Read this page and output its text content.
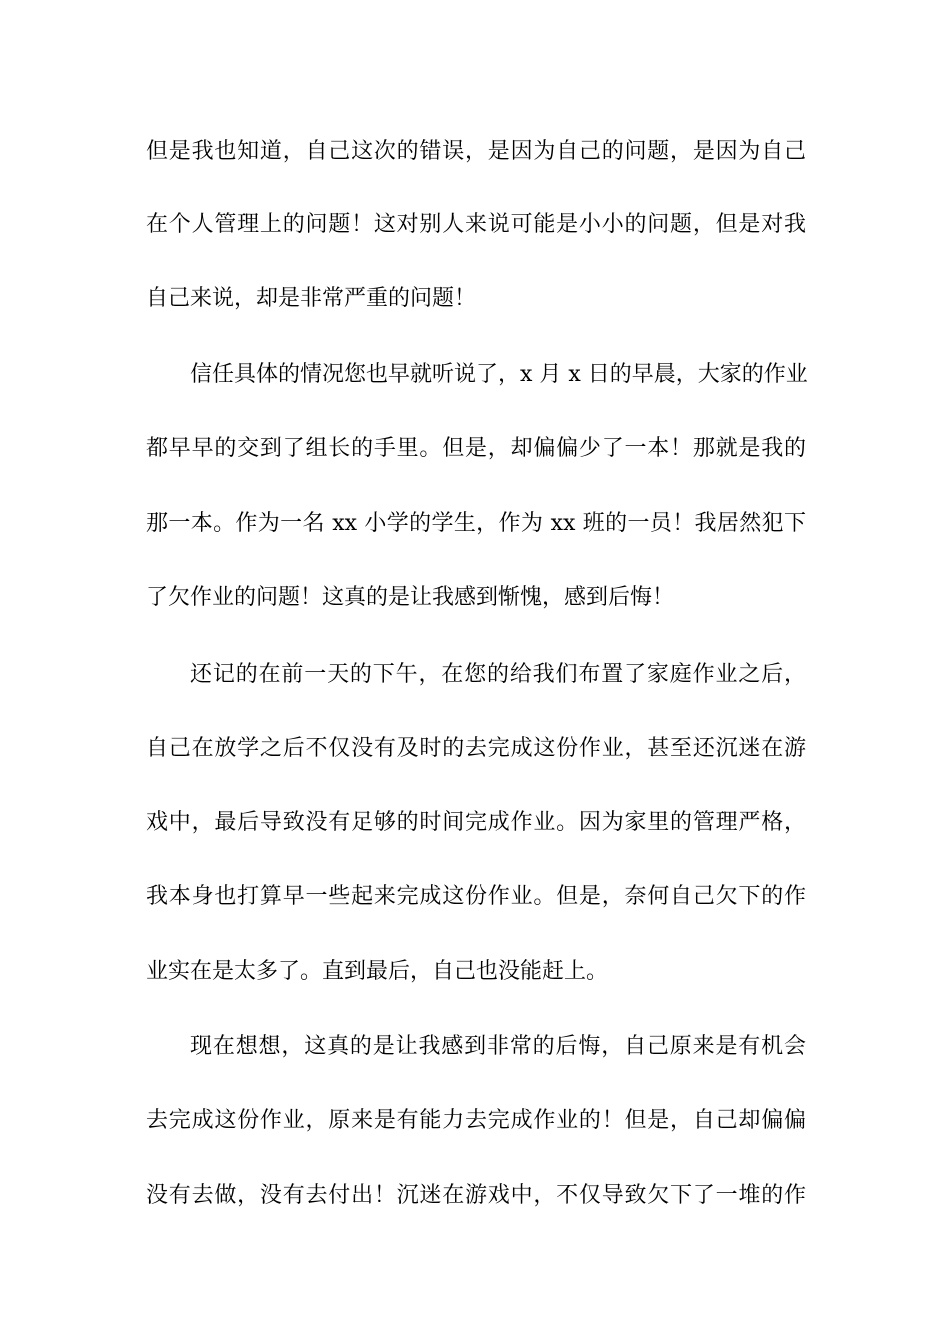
但是我也知道，自己这次的错误，是因为自己的问题，是因为自己
在个人管理上的问题！这对别人来说可能是小小的问题，但是对我
自己来说，却是非常严重的问题！
信任具体的情况您也早就听说了，x 月 x 日的早晨，大家的作业
都早早的交到了组长的手里。但是，却偏偏少了一本！那就是我的
那一本。作为一名 xx 小学的学生，作为 xx 班的一员！我居然犯下
了欠作业的问题！这真的是让我感到惭愧，感到后悔！
还记的在前一天的下午，在您的给我们布置了家庭作业之后，
自己在放学之后不仅没有及时的去完成这份作业，甚至还沉迷在游
戏中，最后导致没有足够的时间完成作业。因为家里的管理严格，
我本身也打算早一些起来完成这份作业。但是，奈何自己欠下的作
业实在是太多了。直到最后，自己也没能赶上。
现在想想，这真的是让我感到非常的后悔，自己原来是有机会
去完成这份作业，原来是有能力去完成作业的！但是，自己却偏偏
没有去做，没有去付出！沉迷在游戏中，不仅导致欠下了一堆的作
